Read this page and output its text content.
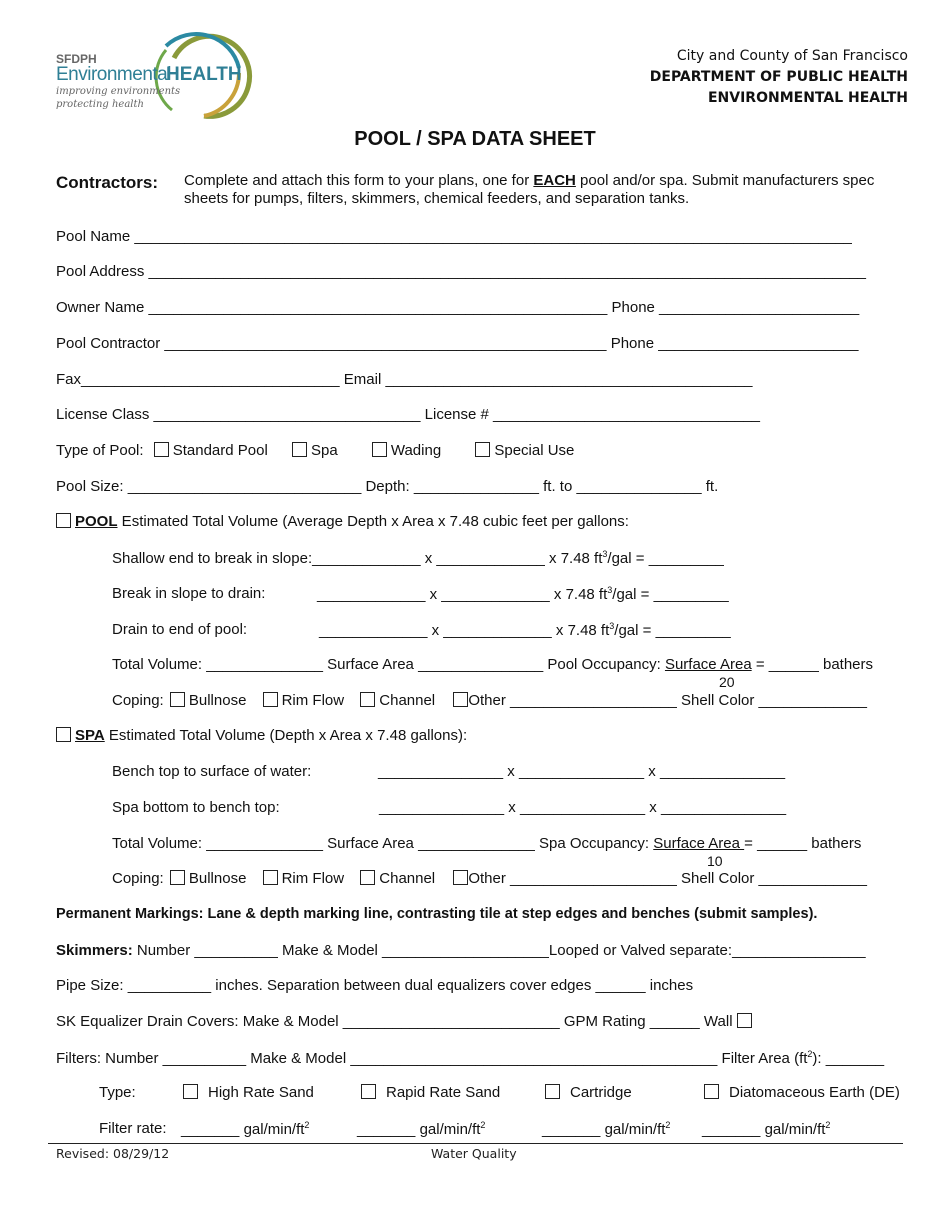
SFDPH
Environmental
HEALTH
improving environments
protecting health
City and County of San Francisco
DEPARTMENT OF PUBLIC HEALTH
ENVIRONMENTAL HEALTH
POOL / SPA DATA SHEET
Contractors: Complete and attach this form to your plans, one for EACH pool and/or spa. Submit manufacturers spec sheets for pumps, filters, skimmers, chemical feeders, and separation tanks.
Pool Name ______________________________________________________________________________________
Pool Address ______________________________________________________________________________________
Owner Name _______________________________________________________ Phone ________________________
Pool Contractor _____________________________________________________ Phone ________________________
Fax_______________________________ Email ____________________________________________
License Class ________________________________ License # ________________________________
Type of Pool: Standard Pool	Spa	Wading	Special Use
Pool Size: ____________________________ Depth: _______________ ft. to _______________ ft.
POOL Estimated Total Volume (Average Depth x Area x 7.48 cubic feet per gallons:
Shallow end to break in slope:_____________ x _____________ x 7.48 $ft^3$/gal = _________
Break in slope to drain:	_____________ x _____________ x 7.48 $ft^3$/gal = _________
Drain to end of pool:	_____________ x _____________ x 7.48 $ft^3$/gal = _________
Total Volume: ______________ Surface Area _______________ Pool Occupancy: Surface Area = ______ bathers
20
Coping: Bullnose Rim Flow Channel Other ____________________ Shell Color _____________
SPA Estimated Total Volume (Depth x Area x 7.48 gallons):
Bench top to surface of water:	_______________ x _______________ x _______________
Spa bottom to bench top:	_______________ x _______________ x _______________
Total Volume: ______________ Surface Area ______________ Spa Occupancy: Surface Area = ______ bathers
10
Coping: Bullnose Rim Flow Channel Other ____________________ Shell Color _____________
Permanent Markings: Lane & depth marking line, contrasting tile at step edges and benches (submit samples).
Skimmers: Number __________ Make & Model ____________________Looped or Valved separate:________________
Pipe Size: __________ inches. Separation between dual equalizers cover edges ______ inches
SK Equalizer Drain Covers: Make & Model __________________________ GPM Rating ______ Wall
Filters: Number __________ Make & Model ____________________________________________ Filter Area $(ft^2)$: _______
Type:	High Rate Sand	Rapid Rate Sand	Cartridge	Diatomaceous Earth (DE)
Filter rate: _______ gal/$\min/ft^2$	_______ gal/$\min/ft^2$	_______ gal/$\min/ft^2$ _______ gal/$\min/ft^2$
Revised: 08/29/12	Water Quality
